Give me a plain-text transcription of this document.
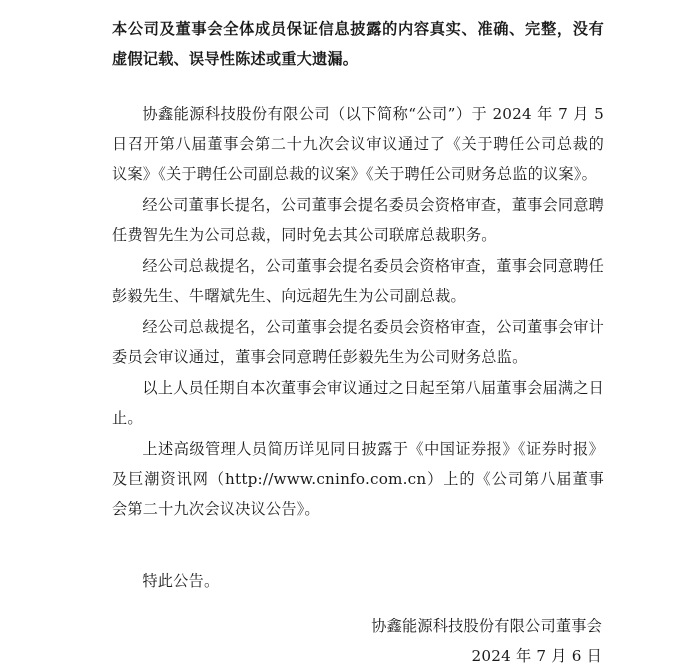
本公司及董事会全体成员保证信息披露的内容真实、准确、完整，没有虚假记载、误导性陈述或重大遗漏。

协鑫能源科技股份有限公司（以下简称“公司”）于 2024 年 7 月 5 日召开第八届董事会第二十九次会议审议通过了《关于聘任公司总裁的议案》《关于聘任公司副总裁的议案》《关于聘任公司财务总监的议案》。

经公司董事长提名，公司董事会提名委员会资格审查，董事会同意聘任费智先生为公司总裁，同时免去其公司联席总裁职务。

经公司总裁提名，公司董事会提名委员会资格审查，董事会同意聘任彭毅先生、牛曙斌先生、向远超先生为公司副总裁。

经公司总裁提名，公司董事会提名委员会资格审查，公司董事会审计委员会审议通过，董事会同意聘任彭毅先生为公司财务总监。

以上人员任期自本次董事会审议通过之日起至第八届董事会届满之日止。

上述高级管理人员简历详见同日披露于《中国证券报》《证券时报》及巨潮资讯网（http://www.cninfo.com.cn）上的《公司第八届董事会第二十九次会议决议公告》。

特此公告。

协鑫能源科技股份有限公司董事会
2024 年 7 月 6 日
